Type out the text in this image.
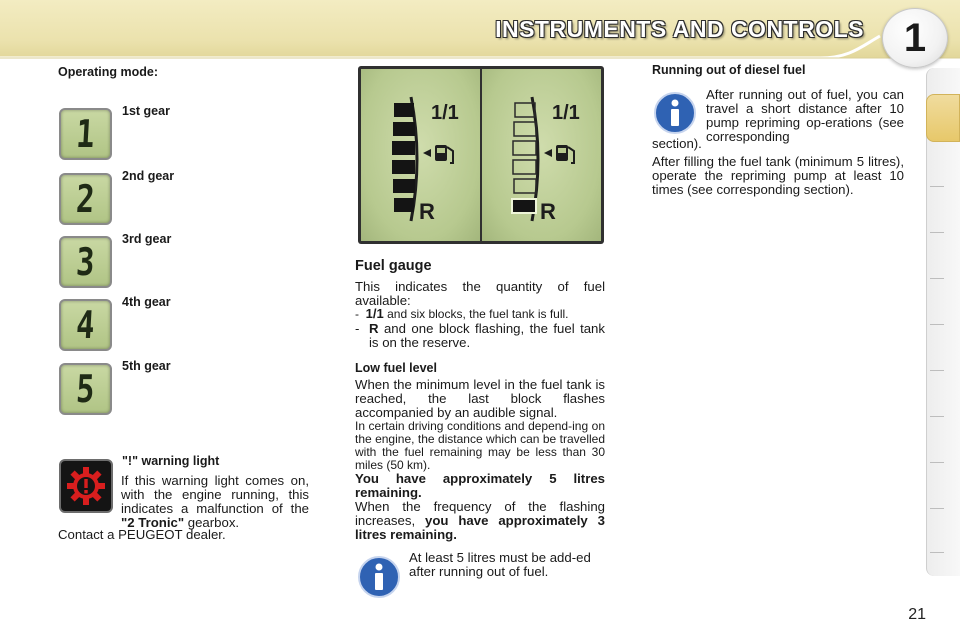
INSTRUMENTS AND CONTROLS 1
Operating mode:
1
1st gear
2
2nd gear
3
3rd gear
4
4th gear
5
5th gear
"!" warning light
If this warning light comes on, with the engine running, this indicates a malfunction of the "2 Tronic" gearbox.
Contact a PEUGEOT dealer.
1/1
R
1/1
R
Fuel gauge
This indicates the quantity of fuel available:
- 1/1 and six blocks, the fuel tank is full.
- R and one block flashing, the fuel tank is on the reserve.
Low fuel level
When the minimum level in the fuel tank is reached, the last block flashes accompanied by an audible signal.
In certain driving conditions and depend-ing on the engine, the distance which can be travelled with the fuel remaining may be less than 30 miles (50 km).
You have approximately 5 litres remaining.
When the frequency of the flashing increases, you have approximately 3 litres remaining.
At least 5 litres must be add-ed after running out of fuel.
Running out of diesel fuel
After running out of fuel, you can travel a short distance after 10 pump repriming op-erations (see corresponding
section).
After filling the fuel tank (minimum 5 litres), operate the repriming pump at least 10 times (see corresponding section).
21
